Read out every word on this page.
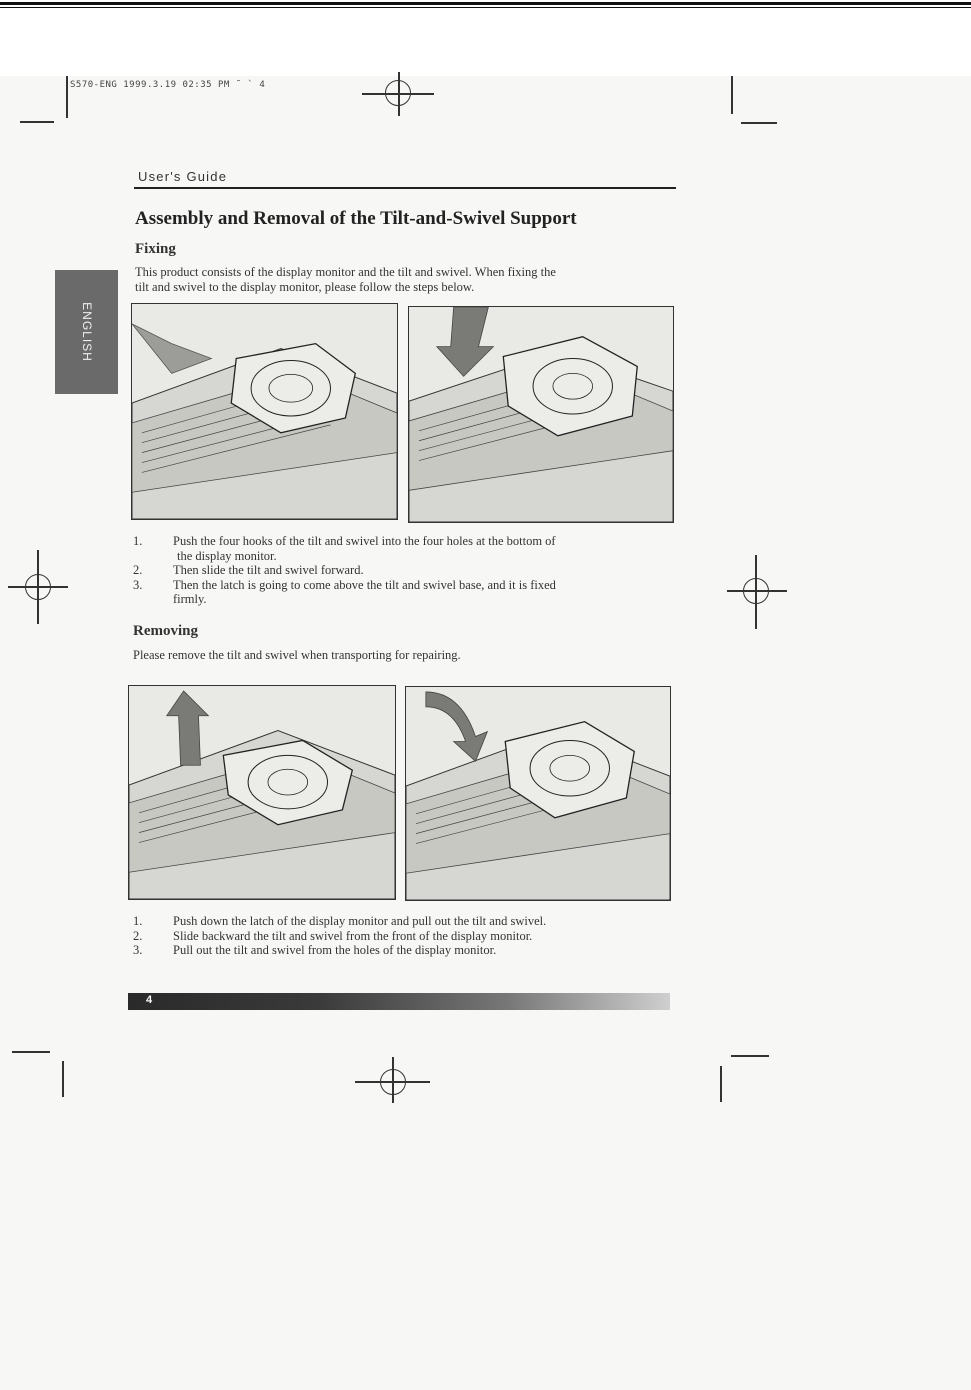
S570-ENG 1999.3.19 02:35 PM ˜ ` 4
User's Guide
ENGLISH
Assembly and Removal of the Tilt-and-Swivel Support
Fixing
This product consists of the display monitor and the tilt and swivel. When fixing the
tilt and swivel to the display monitor, please follow the steps below.
1. Push the four hooks of the tilt and swivel into the four holes at the bottom of
the display monitor.
2. Then slide the tilt and swivel forward.
3. Then the latch is going to come above the tilt and swivel base, and it is fixed
firmly.
Removing
Please remove the tilt and swivel when transporting for repairing.
1. Push down the latch of the display monitor and pull out the tilt and swivel.
2. Slide backward the tilt and swivel from the front of the display monitor.
3. Pull out the tilt and swivel from the holes of the display monitor.
4
